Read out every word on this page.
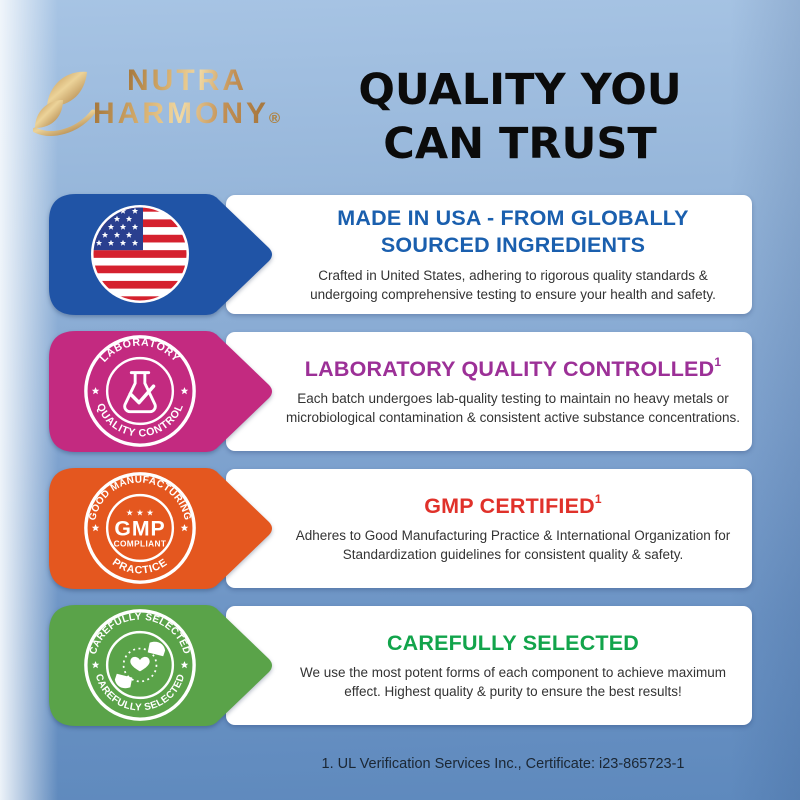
NUTRA
HARMONY®
QUALITY YOU
CAN TRUST
MADE IN USA - FROM GLOBALLY SOURCED INGREDIENTS

Crafted in United States, adhering to rigorous quality standards & undergoing comprehensive testing to ensure your health and safety.

LABORATORY QUALITY CONTROLLED$^1$

Each batch undergoes lab-quality testing to maintain no heavy metals or microbiological contamination & consistent active substance concentrations.

LABORATORY
QUALITY CONTROL
GMP CERTIFIED$^1$

Adheres to Good Manufacturing Practice & International Organization for Standardization guidelines for consistent quality & safety.

GOOD MANUFACTURING
PRACTICE
★ ★ ★
GMP
COMPLIANT
CAREFULLY SELECTED

We use the most potent forms of each component to achieve maximum effect. Highest quality & purity to ensure the best results!

CAREFULLY SELECTED
CAREFULLY SELECTED
1. UL Verification Services Inc., Certificate: i23-865723-1
